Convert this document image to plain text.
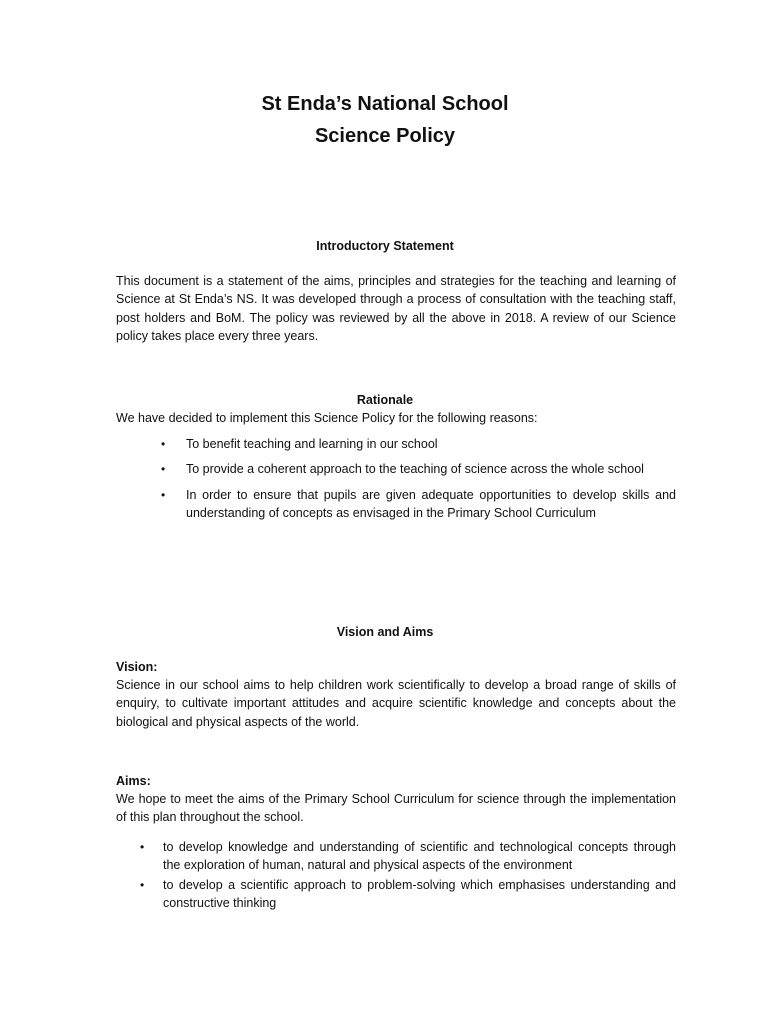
St Enda’s National School
Science Policy
Introductory Statement
This document is a statement of the aims, principles and strategies for the teaching and learning of Science at St Enda’s NS. It was developed through a process of consultation with the teaching staff, post holders and BoM. The policy was reviewed by all the above in 2018. A review of our Science policy takes place every three years.
Rationale
We have decided to implement this Science Policy for the following reasons:
• To benefit teaching and learning in our school
• To provide a coherent approach to the teaching of science across the whole school
• In order to ensure that pupils are given adequate opportunities to develop skills and understanding of concepts as envisaged in the Primary School Curriculum
Vision and Aims
Vision:
Science in our school aims to help children work scientifically to develop a broad range of skills of enquiry, to cultivate important attitudes and acquire scientific knowledge and concepts about the biological and physical aspects of the world.
Aims:
We hope to meet the aims of the Primary School Curriculum for science through the implementation of this plan throughout the school.
• to develop knowledge and understanding of scientific and technological concepts through the exploration of human, natural and physical aspects of the environment
• to develop a scientific approach to problem-solving which emphasises understanding and constructive thinking
